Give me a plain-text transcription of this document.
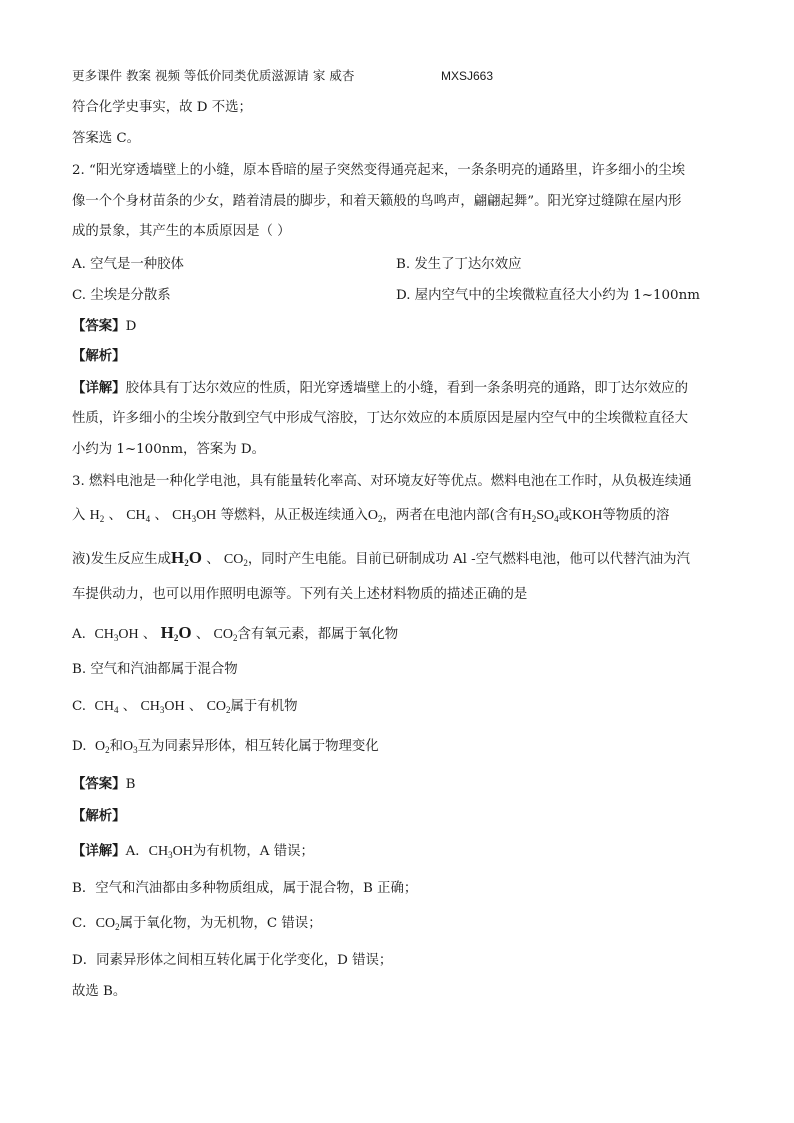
更多课件 教案 视频 等低价同类优质滋源请 家 威杏	MXSJ663
符合化学史事实，故 D 不选；
答案选 C。
2. “阳光穿透墙壁上的小缝，原本昏暗的屋子突然变得通亮起来，一条条明亮的通路里，许多细小的尘埃
像一个个身材苗条的少女，踏着清晨的脚步，和着天籁般的鸟鸣声，翩翩起舞”。阳光穿过缝隙在屋内形
成的景象，其产生的本质原因是（ ）
A. 空气是一种胶体	B. 发生了丁达尔效应
C. 尘埃是分散系	D. 屋内空气中的尘埃微粒直径大小约为 1~100nm
【答案】D
【解析】
【详解】胶体具有丁达尔效应的性质，阳光穿透墙壁上的小缝，看到一条条明亮的通路，即丁达尔效应的
性质，许多细小的尘埃分散到空气中形成气溶胶，丁达尔效应的本质原因是屋内空气中的尘埃微粒直径大
小约为 1~100nm，答案为 D。
3. 燃料电池是一种化学电池，具有能量转化率高、对环境友好等优点。燃料电池在工作时，从负极连续通
入 $H_2$ 、 $CH_4$ 、 $CH_3OH$ 等燃料，从正极连续通入$O_2$，两者在电池内部(含有$H_2SO_4$或KOH等物质的溶
液)发生反应生成$H_2O$ 、 $CO_2$，同时产生电能。目前已研制成功 Al -空气燃料电池，他可以代替汽油为汽
车提供动力，也可以用作照明电源等。下列有关上述材料物质的描述正确的是
A. $CH_3OH$ 、 $H_2O$ 、 $CO_2$含有氧元素，都属于氧化物
B. 空气和汽油都属于混合物
C. $CH_4$ 、 $CH_3OH$ 、 $CO_2$属于有机物
D. $O_2$和$O_3$互为同素异形体，相互转化属于物理变化
【答案】B
【解析】
【详解】A．$CH_3OH$为有机物，A 错误；
B．空气和汽油都由多种物质组成，属于混合物，B 正确；
C．$CO_2$属于氧化物，为无机物，C 错误；
D．同素异形体之间相互转化属于化学变化，D 错误；
故选 B。
